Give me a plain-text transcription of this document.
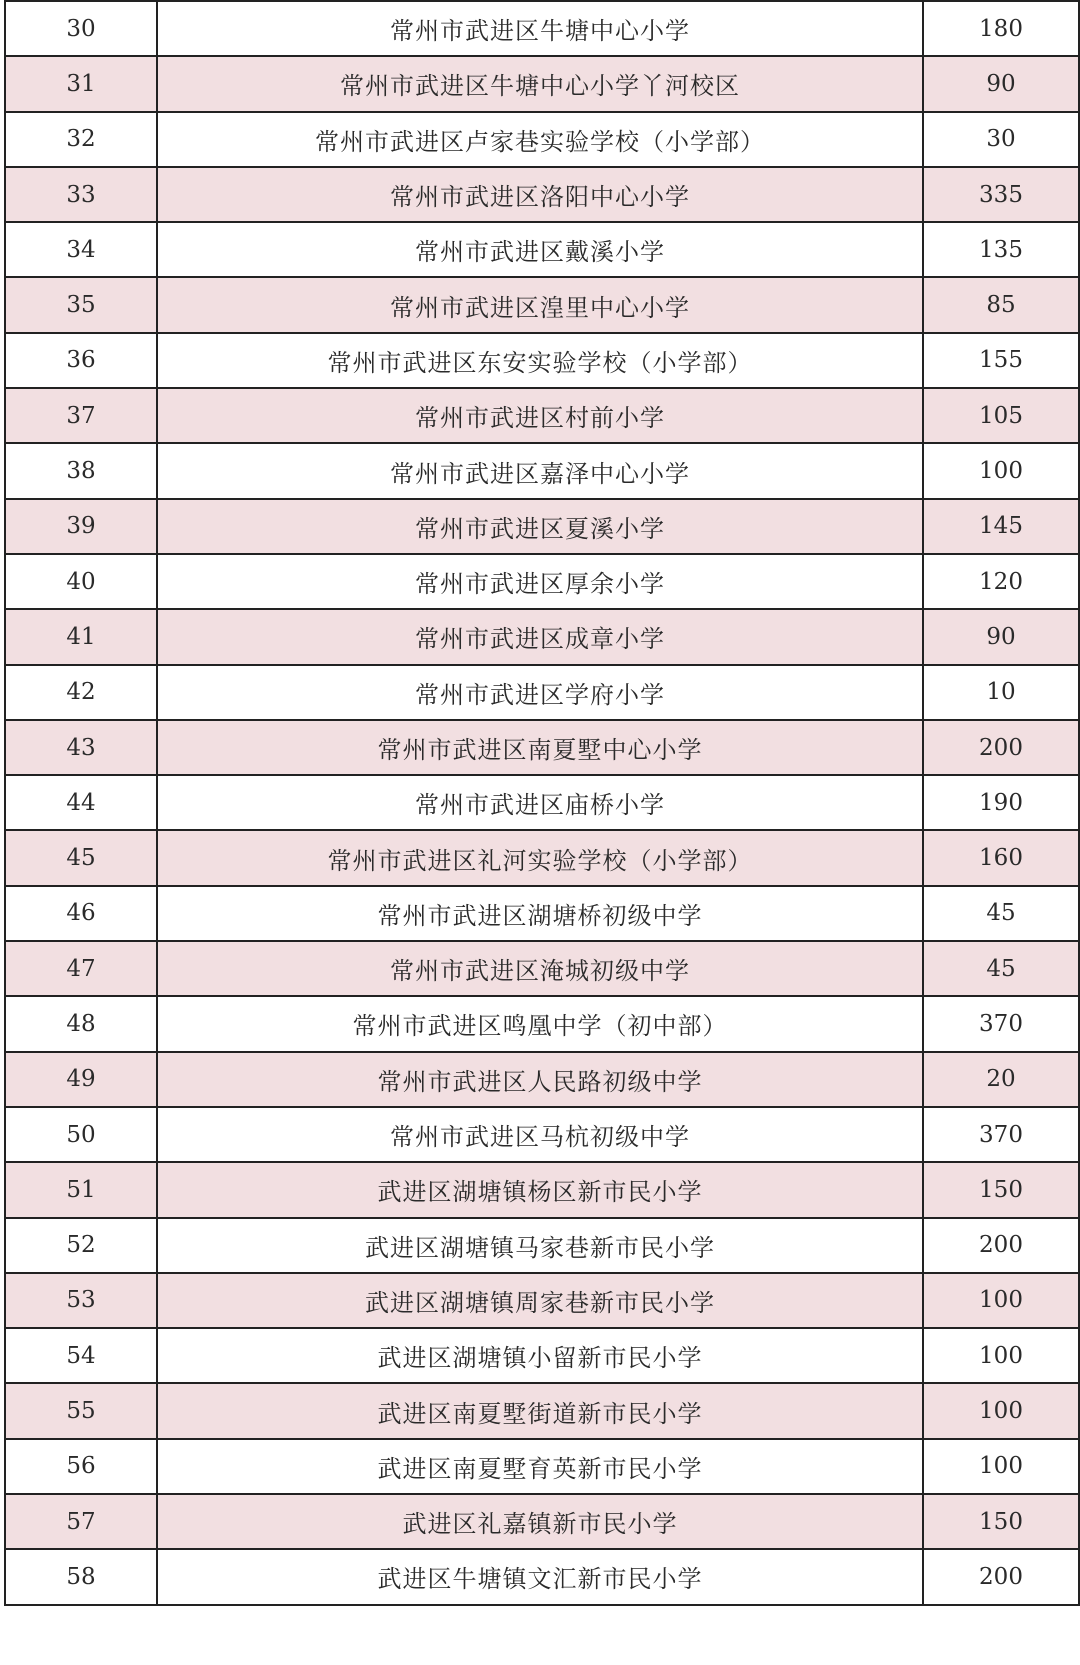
30	常州市武进区牛塘中心小学	180
31	常州市武进区牛塘中心小学丫河校区	90
32	常州市武进区卢家巷实验学校（小学部）	30
33	常州市武进区洛阳中心小学	335
34	常州市武进区戴溪小学	135
35	常州市武进区湟里中心小学	85
36	常州市武进区东安实验学校（小学部）	155
37	常州市武进区村前小学	105
38	常州市武进区嘉泽中心小学	100
39	常州市武进区夏溪小学	145
40	常州市武进区厚余小学	120
41	常州市武进区成章小学	90
42	常州市武进区学府小学	10
43	常州市武进区南夏墅中心小学	200
44	常州市武进区庙桥小学	190
45	常州市武进区礼河实验学校（小学部）	160
46	常州市武进区湖塘桥初级中学	45
47	常州市武进区淹城初级中学	45
48	常州市武进区鸣凰中学（初中部）	370
49	常州市武进区人民路初级中学	20
50	常州市武进区马杭初级中学	370
51	武进区湖塘镇杨区新市民小学	150
52	武进区湖塘镇马家巷新市民小学	200
53	武进区湖塘镇周家巷新市民小学	100
54	武进区湖塘镇小留新市民小学	100
55	武进区南夏墅街道新市民小学	100
56	武进区南夏墅育英新市民小学	100
57	武进区礼嘉镇新市民小学	150
58	武进区牛塘镇文汇新市民小学	200
